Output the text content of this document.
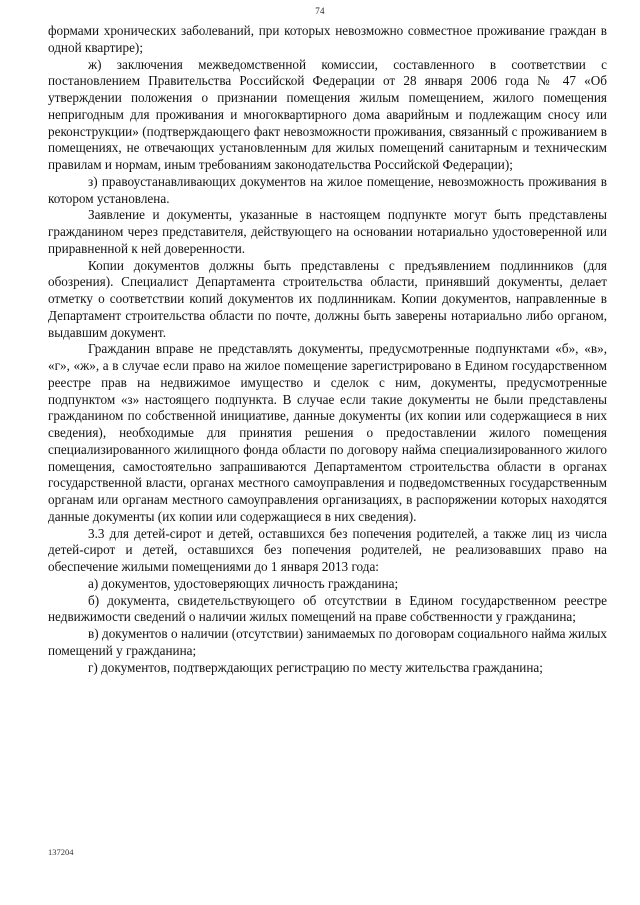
74

формами хронических заболеваний, при которых невозможно совместное проживание граждан в одной квартире);

ж) заключения межведомственной комиссии, составленного в соответствии с постановлением Правительства Российской Федерации от 28 января 2006 года № 47 «Об утверждении положения о признании помещения жилым помещением, жилого помещения непригодным для проживания и многоквартирного дома аварийным и подлежащим сносу или реконструкции» (подтверждающего факт невозможности проживания, связанный с проживанием в помещениях, не отвечающих установленным для жилых помещений санитарным и техническим правилам и нормам, иным требованиям законодательства Российской Федерации);

з) правоустанавливающих документов на жилое помещение, невозможность проживания в котором установлена.

Заявление и документы, указанные в настоящем подпункте могут быть представлены гражданином через представителя, действующего на основании нотариально удостоверенной или приравненной к ней доверенности.

Копии документов должны быть представлены с предъявлением подлинников (для обозрения). Специалист Департамента строительства области, принявший документы, делает отметку о соответствии копий документов их подлинникам. Копии документов, направленные в Департамент строительства области по почте, должны быть заверены нотариально либо органом, выдавшим документ.

Гражданин вправе не представлять документы, предусмотренные подпунктами «б», «в», «г», «ж», а в случае если право на жилое помещение зарегистрировано в Едином государственном реестре прав на недвижимое имущество и сделок с ним, документы, предусмотренные подпунктом «з» настоящего подпункта. В случае если такие документы не были представлены гражданином по собственной инициативе, данные документы (их копии или содержащиеся в них сведения), необходимые для принятия решения о предоставлении жилого помещения специализированного жилищного фонда области по договору найма специализированного жилого помещения, самостоятельно запрашиваются Департаментом строительства области в органах государственной власти, органах местного самоуправления и подведомственных государственным органам или органам местного самоуправления организациях, в распоряжении которых находятся данные документы (их копии или содержащиеся в них сведения).

3.3 для детей-сирот и детей, оставшихся без попечения родителей, а также лиц из числа детей-сирот и детей, оставшихся без попечения родителей, не реализовавших право на обеспечение жилыми помещениями до 1 января 2013 года:

а) документов, удостоверяющих личность гражданина;

б) документа, свидетельствующего об отсутствии в Едином государственном реестре недвижимости сведений о наличии жилых помещений на праве собственности у гражданина;

в) документов о наличии (отсутствии) занимаемых по договорам социального найма жилых помещений у гражданина;

г) документов, подтверждающих регистрацию по месту жительства гражданина;

137204
